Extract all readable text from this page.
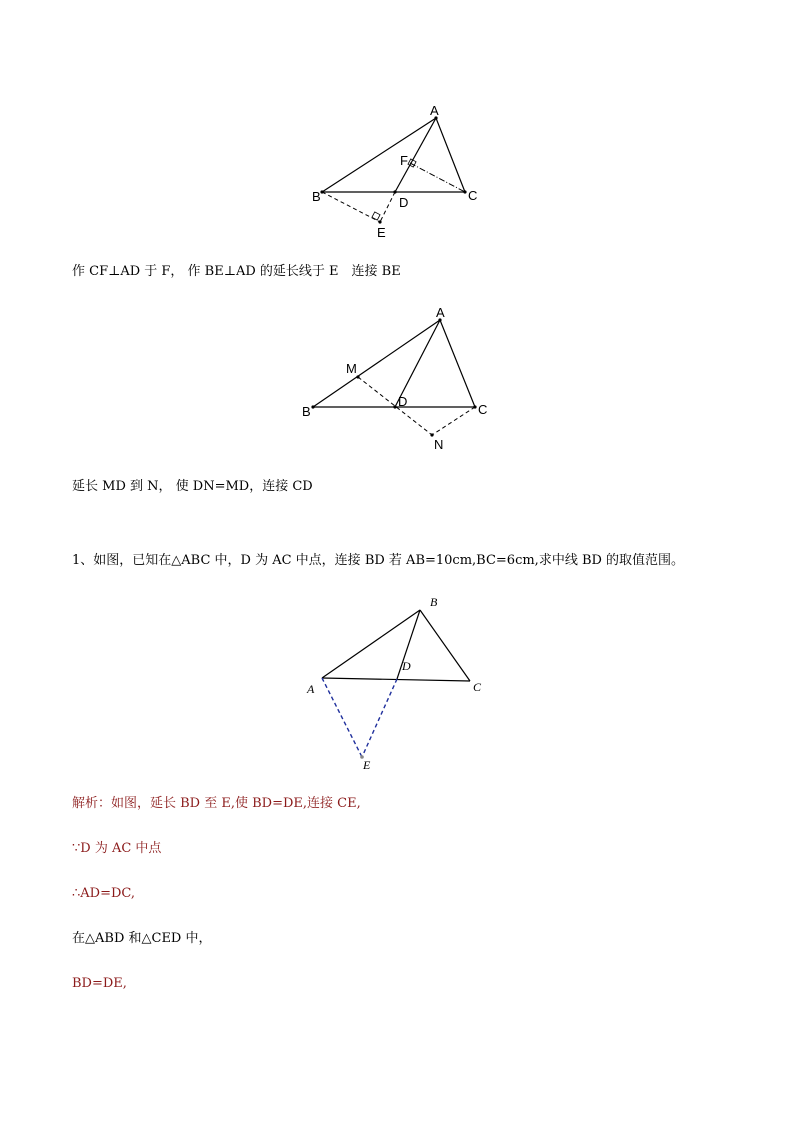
A
F
B	D	C
E
作 CF⊥AD 于 F， 作 BE⊥AD 的延长线于 E　连接 BE
A
M
B
D
C
N
延长 MD 到 N， 使 DN=MD，连接 CD
1、如图，已知在△ABC 中，D 为 AC 中点，连接 BD 若 AB=10cm,BC=6cm,求中线 BD 的取值范围。
B
D
A	C
E
解析：如图，延长 BD 至 E,使 BD=DE,连接 CE,
∵D 为 AC 中点
∴AD=DC,
在△ABD 和△CED 中，
BD=DE,
